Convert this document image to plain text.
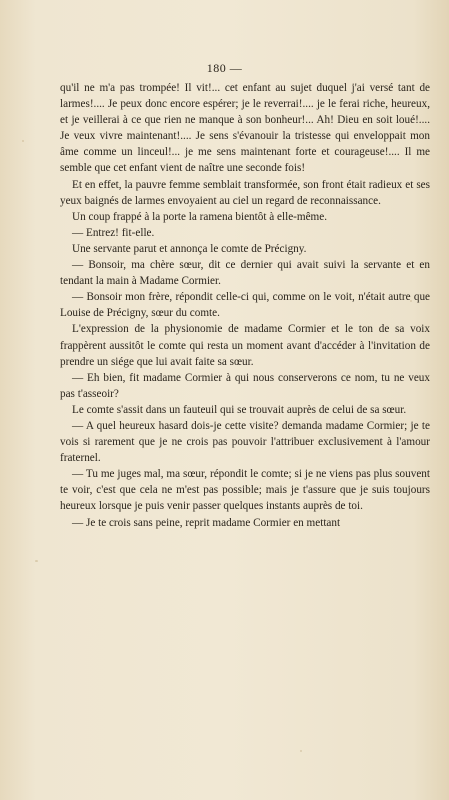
180 —

qu'il ne m'a pas trompée! Il vit!... cet enfant au sujet duquel j'ai versé tant de larmes!.... Je peux donc encore espérer; je le reverrai!.... je le ferai riche, heureux, et je veillerai à ce que rien ne manque à son bonheur!... Ah! Dieu en soit loué!.... Je veux vivre maintenant!.... Je sens s'évanouir la tristesse qui enveloppait mon âme comme un linceul!... je me sens maintenant forte et courageuse!.... Il me semble que cet enfant vient de naître une seconde fois!

Et en effet, la pauvre femme semblait transformée, son front était radieux et ses yeux baignés de larmes envoyaient au ciel un regard de reconnaissance.

Un coup frappé à la porte la ramena bientôt à elle-même.

— Entrez! fit-elle.

Une servante parut et annonça le comte de Précigny.

— Bonsoir, ma chère sœur, dit ce dernier qui avait suivi la servante et en tendant la main à Madame Cormier.

— Bonsoir mon frère, répondit celle-ci qui, comme on le voit, n'était autre que Louise de Précigny, sœur du comte.

L'expression de la physionomie de madame Cormier et le ton de sa voix frappèrent aussitôt le comte qui resta un moment avant d'accéder à l'invitation de prendre un siége que lui avait faite sa sœur.

— Eh bien, fit madame Cormier à qui nous conserverons ce nom, tu ne veux pas t'asseoir?

Le comte s'assit dans un fauteuil qui se trouvait auprès de celui de sa sœur.

— A quel heureux hasard dois-je cette visite? demanda madame Cormier; je te vois si rarement que je ne crois pas pouvoir l'attribuer exclusivement à l'amour fraternel.

— Tu me juges mal, ma sœur, répondit le comte; si je ne viens pas plus souvent te voir, c'est que cela ne m'est pas possible; mais je t'assure que je suis toujours heureux lorsque je puis venir passer quelques instants auprès de toi.

— Je te crois sans peine, reprit madame Cormier en mettant
